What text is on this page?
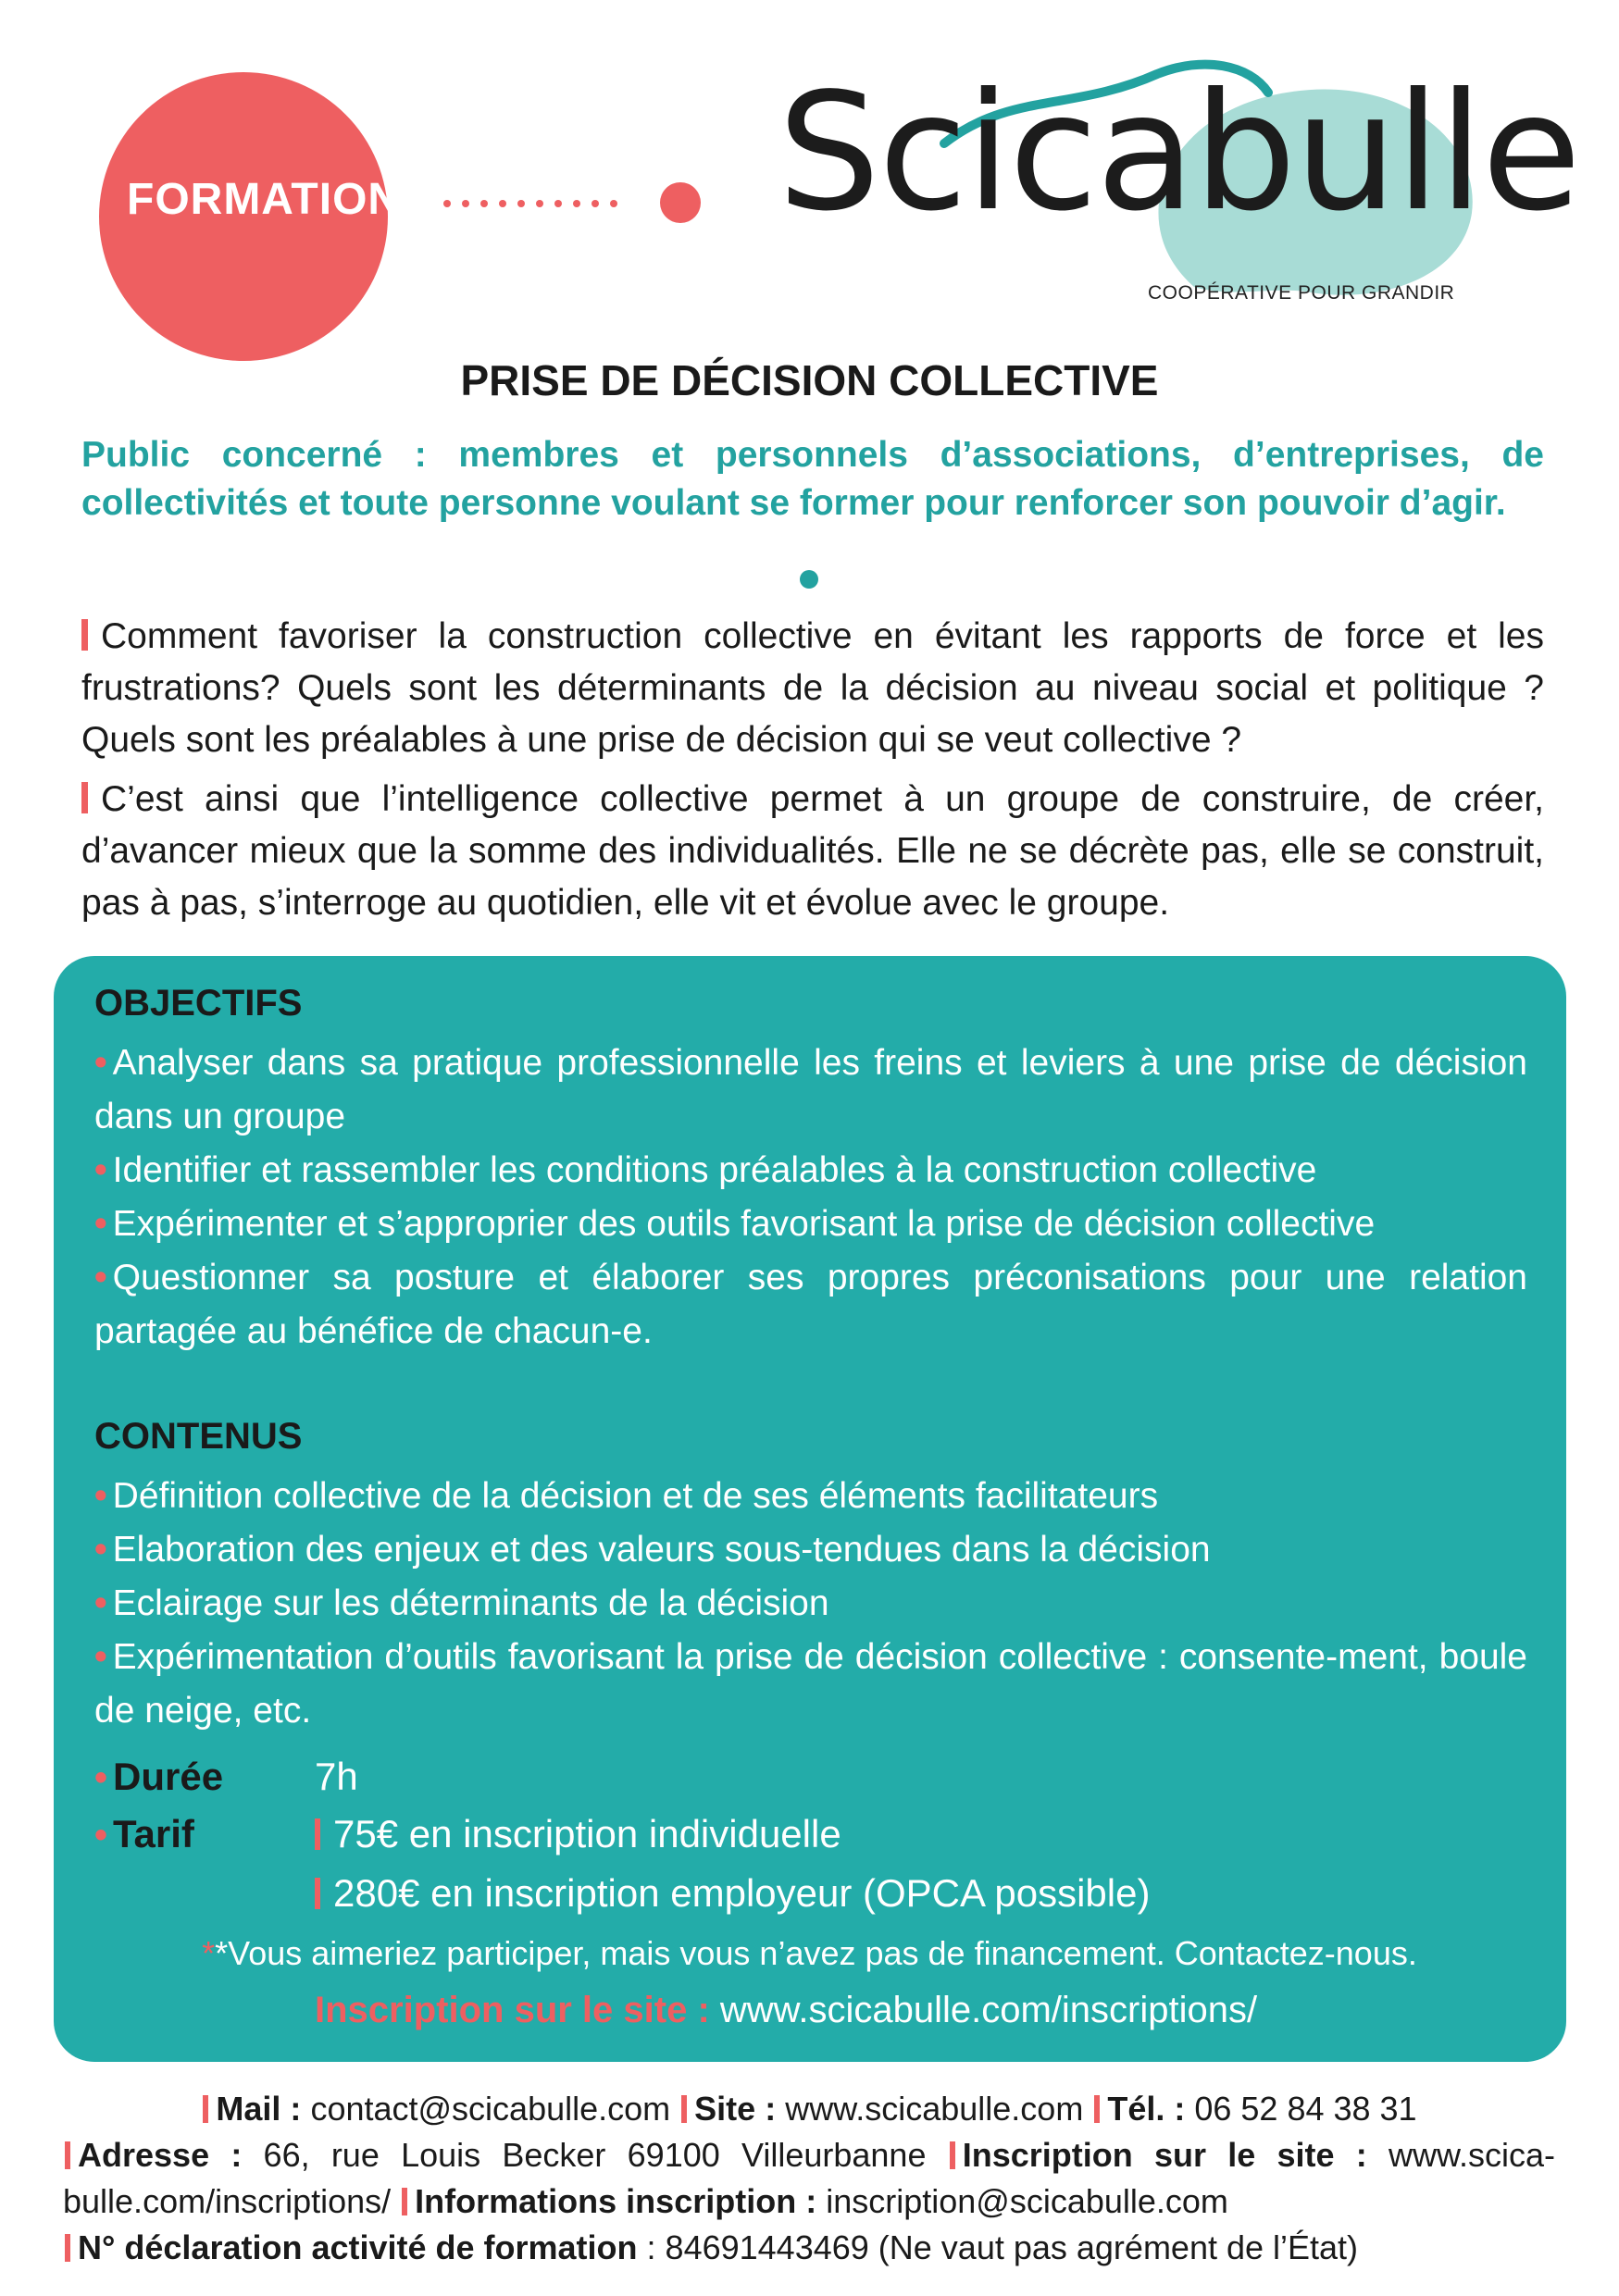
FORMATION Scicabulle
COOPÉRATIVE POUR GRANDIR
PRISE DE DÉCISION COLLECTIVE
Public concerné : membres et personnels d’associations, d’entreprises, de collectivités et toute personne voulant se former pour renforcer son pouvoir d’agir.

Comment favoriser la construction collective en évitant les rapports de force et les frustrations? Quels sont les déterminants de la décision au niveau social et politique ? Quels sont les préalables à une prise de décision qui se veut collective ?

C’est ainsi que l’intelligence collective permet à un groupe de construire, de créer, d’avancer mieux que la somme des individualités. Elle ne se décrète pas, elle se construit, pas à pas, s’interroge au quotidien, elle vit et évolue avec le groupe.

OBJECTIFS
• Analyser dans sa pratique professionnelle les freins et leviers à une prise de décision dans un groupe
• Identifier et rassembler les conditions préalables à la construction collective
• Expérimenter et s’approprier des outils favorisant la prise de décision collective
• Questionner sa posture et élaborer ses propres préconisations pour une relation partagée au bénéfice de chacun-e.
CONTENUS
• Définition collective de la décision et de ses éléments facilitateurs
• Elaboration des enjeux et des valeurs sous-tendues dans la décision
• Eclairage sur les déterminants de la décision
• Expérimentation d’outils favorisant la prise de décision collective : consente-ment, boule de neige, etc.
• Durée 7h
• Tarif	75€ en inscription individuelle
280€ en inscription employeur (OPCA possible)
**Vous aimeriez participer, mais vous n’avez pas de financement. Contactez-nous.
Inscription sur le site : www.scicabulle.com/inscriptions/
Mail : contact@scicabulle.com Site : www.scicabulle.com Tél. : 06 52 84 38 31
Adresse : 66, rue Louis Becker 69100 Villeurbanne Inscription sur le site : www.scica-bulle.com/inscriptions/ Informations inscription : inscription@scicabulle.com
N° déclaration activité de formation : 84691443469 (Ne vaut pas agrément de l’État)
